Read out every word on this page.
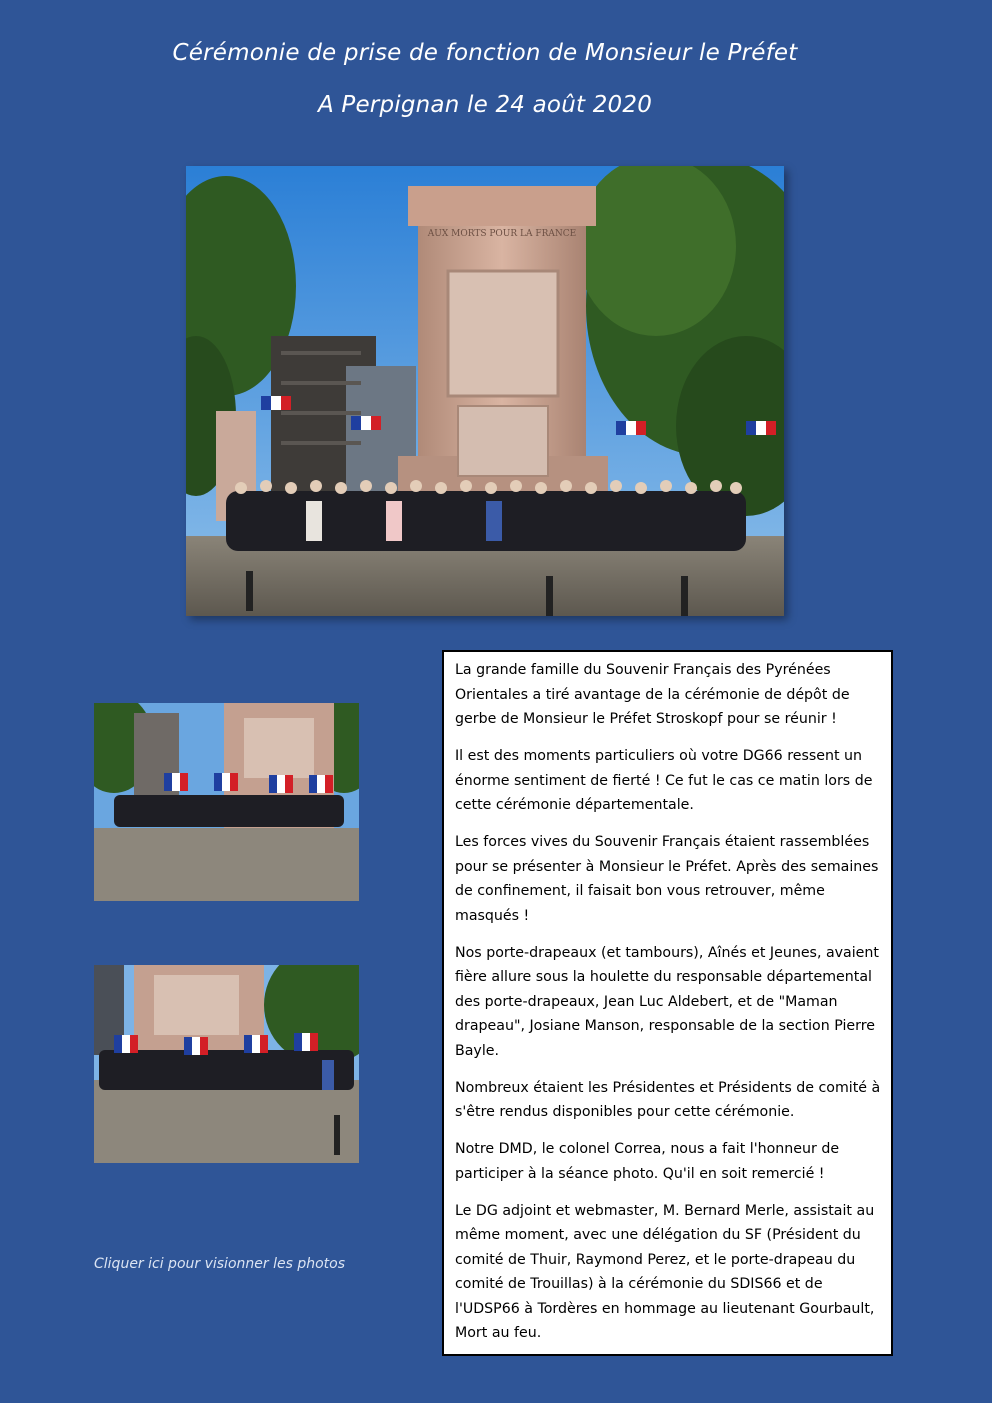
Cérémonie de prise de fonction de Monsieur le Préfet
A Perpignan le 24 août 2020
AUX MORTS POUR LA FRANCE
Cliquer ici pour visionner les photos

La grande famille du Souvenir Français des Pyrénées Orientales a tiré avantage de la cérémonie de dépôt de gerbe de Monsieur le Préfet Stroskopf pour se réunir !

Il est des moments particuliers où votre DG66 ressent un énorme sentiment de fierté ! Ce fut le cas ce matin lors de cette cérémonie départementale.

Les forces vives du Souvenir Français étaient rassemblées pour se présenter à Monsieur le Préfet. Après des semaines de confinement, il faisait bon vous retrouver, même masqués !

Nos porte-drapeaux (et tambours), Aînés et Jeunes, avaient fière allure sous la houlette du responsable départemental des porte-drapeaux, Jean Luc Aldebert, et de "Maman drapeau", Josiane Manson, responsable de la section Pierre Bayle.

Nombreux étaient les Présidentes et Présidents de comité à s'être rendus disponibles pour cette cérémonie.

Notre DMD, le colonel Correa, nous a fait l'honneur de participer à la séance photo. Qu'il en soit remercié !

Le DG adjoint et webmaster, M. Bernard Merle, assistait au même moment, avec une délégation du SF (Président du comité de Thuir, Raymond Perez, et le porte-drapeau du comité de Trouillas) à la cérémonie du SDIS66 et de l'UDSP66 à Tordères en hommage au lieutenant Gourbault, Mort au feu.
